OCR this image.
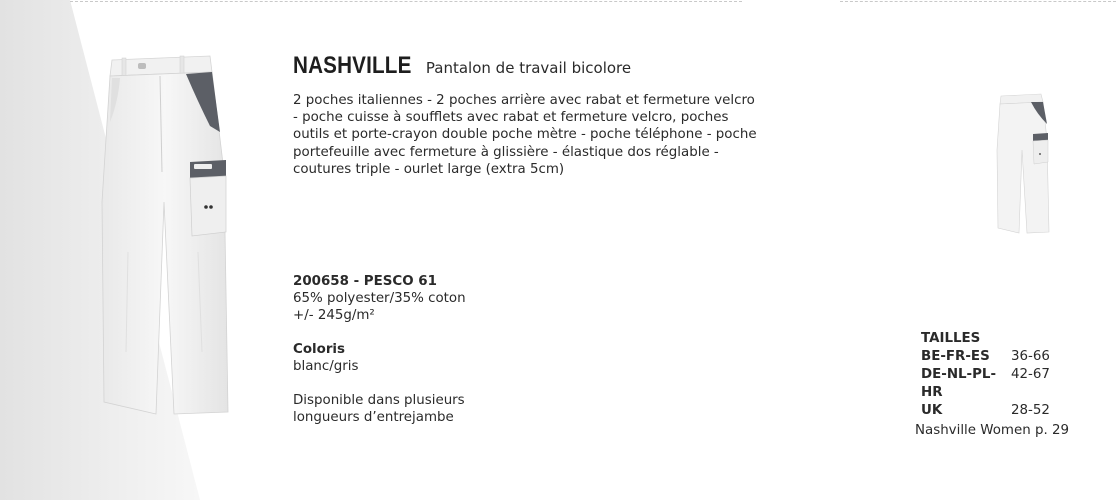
NASHVILLE Pantalon de travail bicolore
2 poches italiennes - 2 poches arrière avec rabat et fermeture velcro - poche cuisse à soufflets avec rabat et fermeture velcro, poches outils et porte-crayon double poche mètre - poche téléphone - poche portefeuille avec fermeture à glissière - élastique dos réglable - coutures triple - ourlet large (extra 5cm)
200658 - PESCO 61
65% polyester/35% coton
+/- 245g/m²
Coloris
blanc/gris
Disponible dans plusieurs
longueurs d’entrejambe
TAILLES
BE-FR-ES	36-66
DE-NL-PL-HR
42-67
UK	28-52
Nashville Women p. 29
